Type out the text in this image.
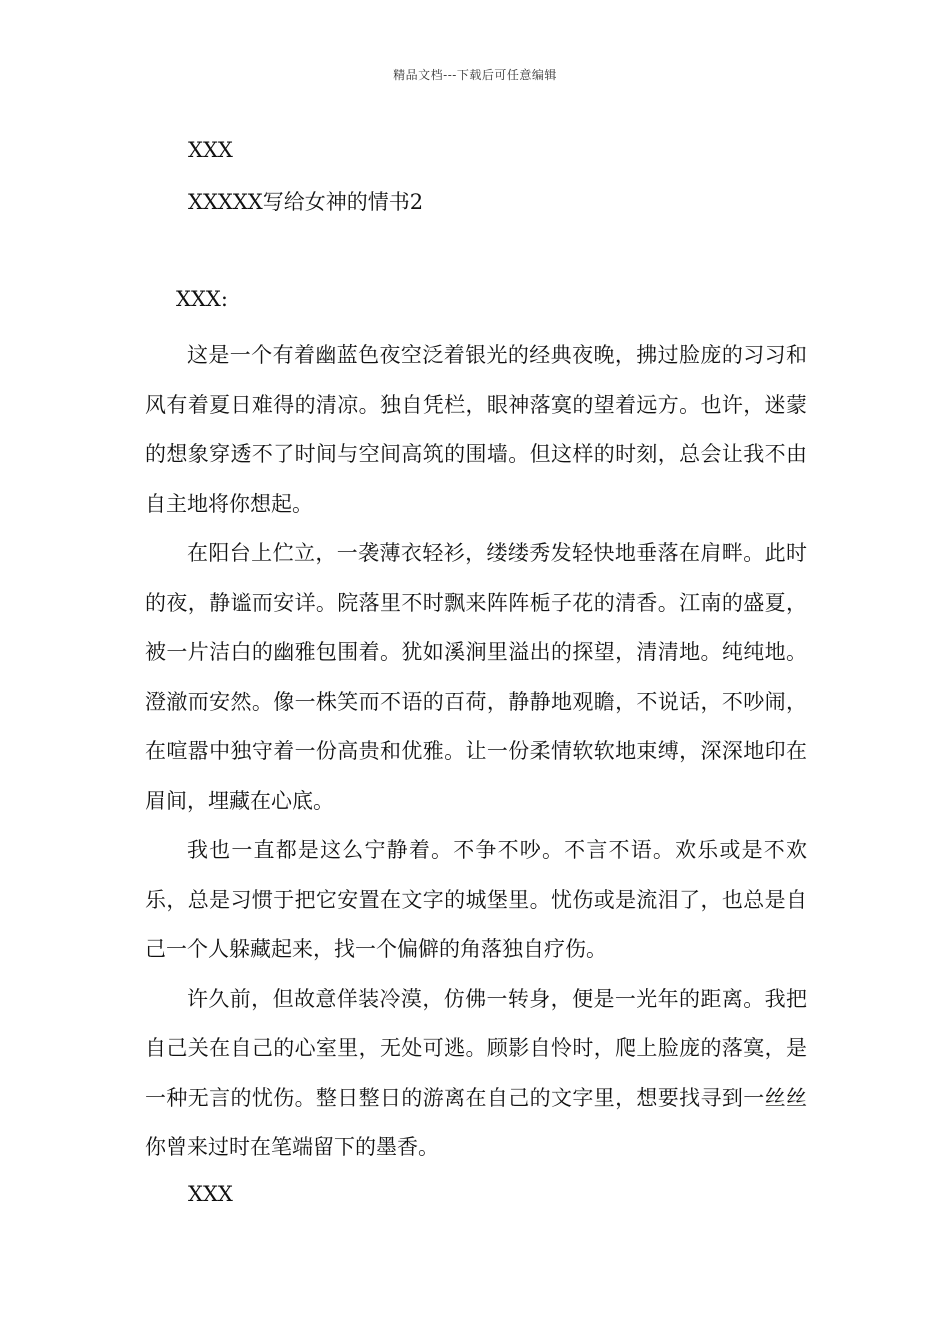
精品文档---下载后可任意编辑
XXX
XXXXX写给女神的情书2
XXX:

这是一个有着幽蓝色夜空泛着银光的经典夜晚，拂过脸庞的习习和风有着夏日难得的清凉。独自凭栏，眼神落寞的望着远方。也许，迷蒙的想象穿透不了时间与空间高筑的围墙。但这样的时刻，总会让我不由自主地将你想起。

在阳台上伫立，一袭薄衣轻衫，缕缕秀发轻快地垂落在肩畔。此时的夜，静谧而安详。院落里不时飘来阵阵栀子花的清香。江南的盛夏，被一片洁白的幽雅包围着。犹如溪涧里溢出的探望，清清地。纯纯地。澄澈而安然。像一株笑而不语的百荷，静静地观瞻，不说话，不吵闹，在喧嚣中独守着一份高贵和优雅。让一份柔情软软地束缚，深深地印在眉间，埋藏在心底。

我也一直都是这么宁静着。不争不吵。不言不语。欢乐或是不欢乐，总是习惯于把它安置在文字的城堡里。忧伤或是流泪了，也总是自己一个人躲藏起来，找一个偏僻的角落独自疗伤。

许久前，但故意佯装冷漠，仿佛一转身，便是一光年的距离。我把自己关在自己的心室里，无处可逃。顾影自怜时，爬上脸庞的落寞，是一种无言的忧伤。整日整日的游离在自己的文字里，想要找寻到一丝丝你曾来过时在笔端留下的墨香。

XXX
